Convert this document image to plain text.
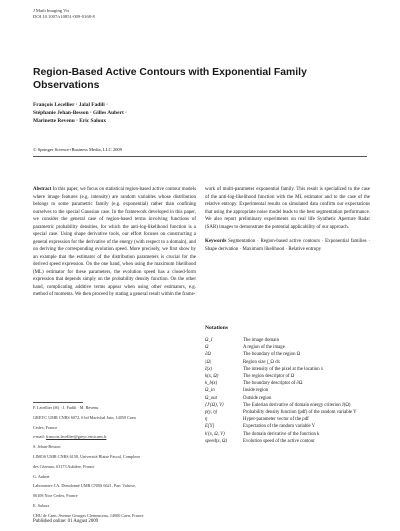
J Math Imaging Vis
DOI 10.1007/s10851-009-0168-8
Region-Based Active Contours with Exponential Family Observations
François Lecellier · Jalal Fadili ·
Stéphanie Jehan-Besson · Gilles Aubert ·
Marinette Revenu · Eric Saloux
© Springer Science+Business Media, LLC 2009

Abstract In this paper, we focus on statistical region-based active contour models where image features (e.g. intensity) are random variables whose distribution belongs to some parametric family (e.g. exponential) rather than confining ourselves to the special Gaussian case. In the framework developed in this paper, we consider the general case of region-based terms involving functions of parametric probability densities, for which the anti-log-likelihood function is a special case. Using shape derivative tools, our effort focuses on constructing a general expression for the derivative of the energy (with respect to a domain), and on deriving the corresponding evolution speed. More precisely, we first show by an example that the estimator of the distribution parameters is crucial for the derived speed expression. On the one hand, when using the maximum likelihood (ML) estimator for these parameters, the evolution speed has a closed-form expression that depends simply on the probability density function. On the other hand, complicating additive terms appear when using other estimators, e.g. method of moments. We then proceed by stating a general result within the frame-

work of multi-parameter exponential family. This result is specialized to the case of the anti-log-likelihood function with the ML estimator and to the case of the relative entropy. Experimental results on simulated data confirm our expectations that using the appropriate noise model leads to the best segmentation performance. We also report preliminary experiments on real life Synthetic Aperture Radar (SAR) images to demonstrate the potential applicability of our approach.

Keywords Segmentation · Region-based active contours · Exponential families · Shape derivation · Maximum likelihood · Relative entropy

F. Lecellier (✉) · J. Fadili · M. Revenu
GREYC UMR CNRS 6072, 6 bd Maréchal Juin, 14050 Caen
Cedex, France
e-mail: francois.lecellier@greyc.ensicaen.fr
S. Jehan-Besson
LIMOS UMR CNRS 6158, Université Blaise Pascal, Complexe
des Cézeaux, 63173 Aubière, France
G. Aubert
Laboratoire J.A. Dieudonné UMR CNRS 6621, Parc Valrose,
06108 Nice Cedex, France
E. Saloux
CHU de Caen, Avenue Georges Clemenceau, 14000 Caen, France
Published online: 01 August 2009
Notations
Ω_I	The image domain
Ω	A region of the image
∂Ω	The boundary of the region Ω
|Ω|	Region size ∫_Ω dx
I(x)	The intensity of the pixel at the location x
k(x, Ω)	The region descriptor of Ω
k_b(x)	The boundary descriptor of ∂Ω
Ω_in	Inside region
Ω_out	Outside region
⟨J′(Ω), V⟩	The Eulerian derivative of domain energy criterion J(Ω)
p(y, η)	Probability density function (pdf) of the random variable Y
η	Hyper-parameter vector of the pdf
E[Y]	Expectation of the random variable Y
k′(x, Ω, V)	The domain derivative of the function k
speed(x, Ω)	Evolution speed of the active contour
